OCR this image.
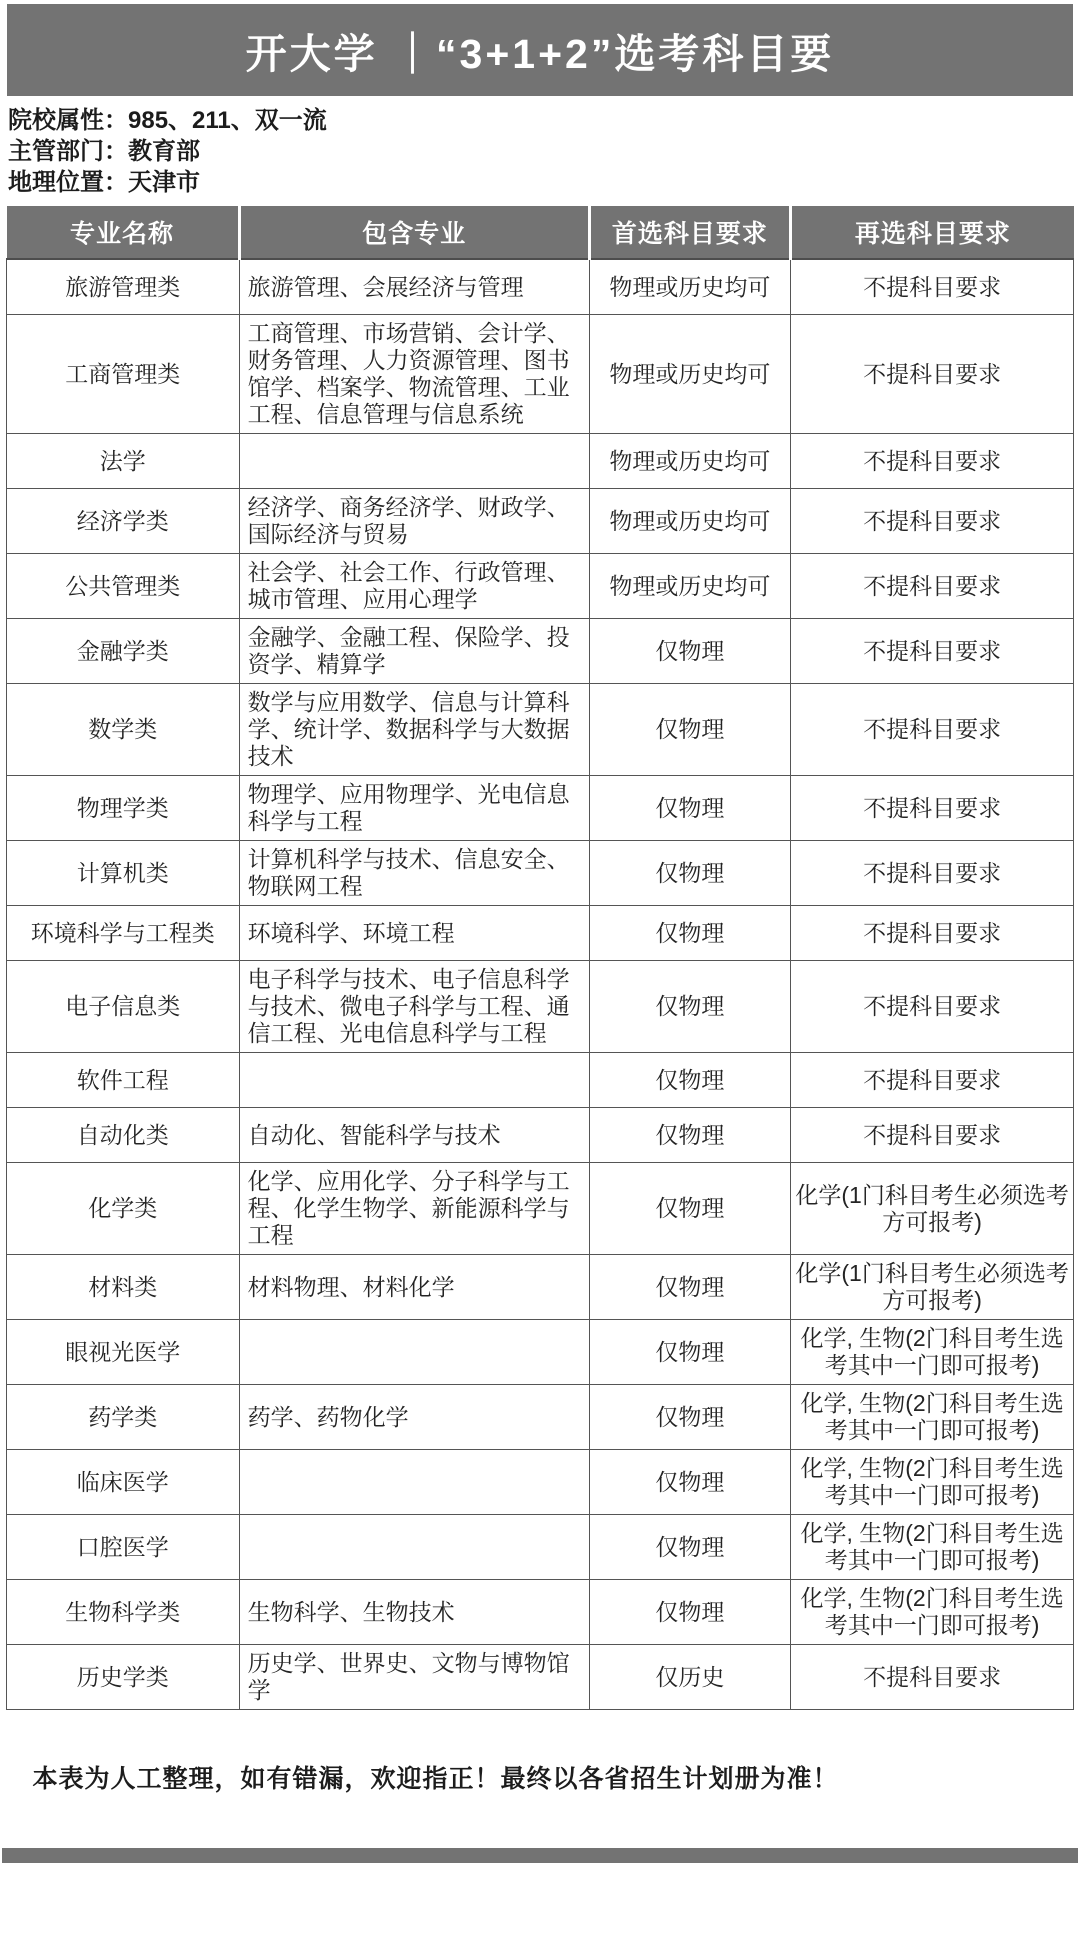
开大学 ｜“3+1+2”选考科目要
院校属性：985、211、双一流
主管部门：教育部
地理位置：天津市
专业名称	包含专业	首选科目要求	再选科目要求
旅游管理类	旅游管理、会展经济与管理	物理或历史均可	不提科目要求
工商管理类	工商管理、市场营销、会计学、财务管理、人力资源管理、图书馆学、档案学、物流管理、工业工程、信息管理与信息系统	物理或历史均可	不提科目要求
法学		物理或历史均可	不提科目要求
经济学类	经济学、商务经济学、财政学、国际经济与贸易	物理或历史均可	不提科目要求
公共管理类	社会学、社会工作、行政管理、城市管理、应用心理学	物理或历史均可	不提科目要求
金融学类	金融学、金融工程、保险学、投资学、精算学	仅物理	不提科目要求
数学类	数学与应用数学、信息与计算科学、统计学、数据科学与大数据技术	仅物理	不提科目要求
物理学类	物理学、应用物理学、光电信息科学与工程	仅物理	不提科目要求
计算机类	计算机科学与技术、信息安全、物联网工程	仅物理	不提科目要求
环境科学与工程类	环境科学、环境工程	仅物理	不提科目要求
电子信息类	电子科学与技术、电子信息科学与技术、微电子科学与工程、通信工程、光电信息科学与工程	仅物理	不提科目要求
软件工程		仅物理	不提科目要求
自动化类	自动化、智能科学与技术	仅物理	不提科目要求
化学类	化学、应用化学、分子科学与工程、化学生物学、新能源科学与工程	仅物理	化学(1门科目考生必须选考方可报考)
材料类	材料物理、材料化学	仅物理	化学(1门科目考生必须选考方可报考)
眼视光医学		仅物理	化学, 生物(2门科目考生选考其中一门即可报考)
药学类	药学、药物化学	仅物理	化学, 生物(2门科目考生选考其中一门即可报考)
临床医学		仅物理	化学, 生物(2门科目考生选考其中一门即可报考)
口腔医学		仅物理	化学, 生物(2门科目考生选考其中一门即可报考)
生物科学类	生物科学、生物技术	仅物理	化学, 生物(2门科目考生选考其中一门即可报考)
历史学类	历史学、世界史、文物与博物馆学	仅历史	不提科目要求
本表为人工整理，如有错漏，欢迎指正！最终以各省招生计划册为准！			
